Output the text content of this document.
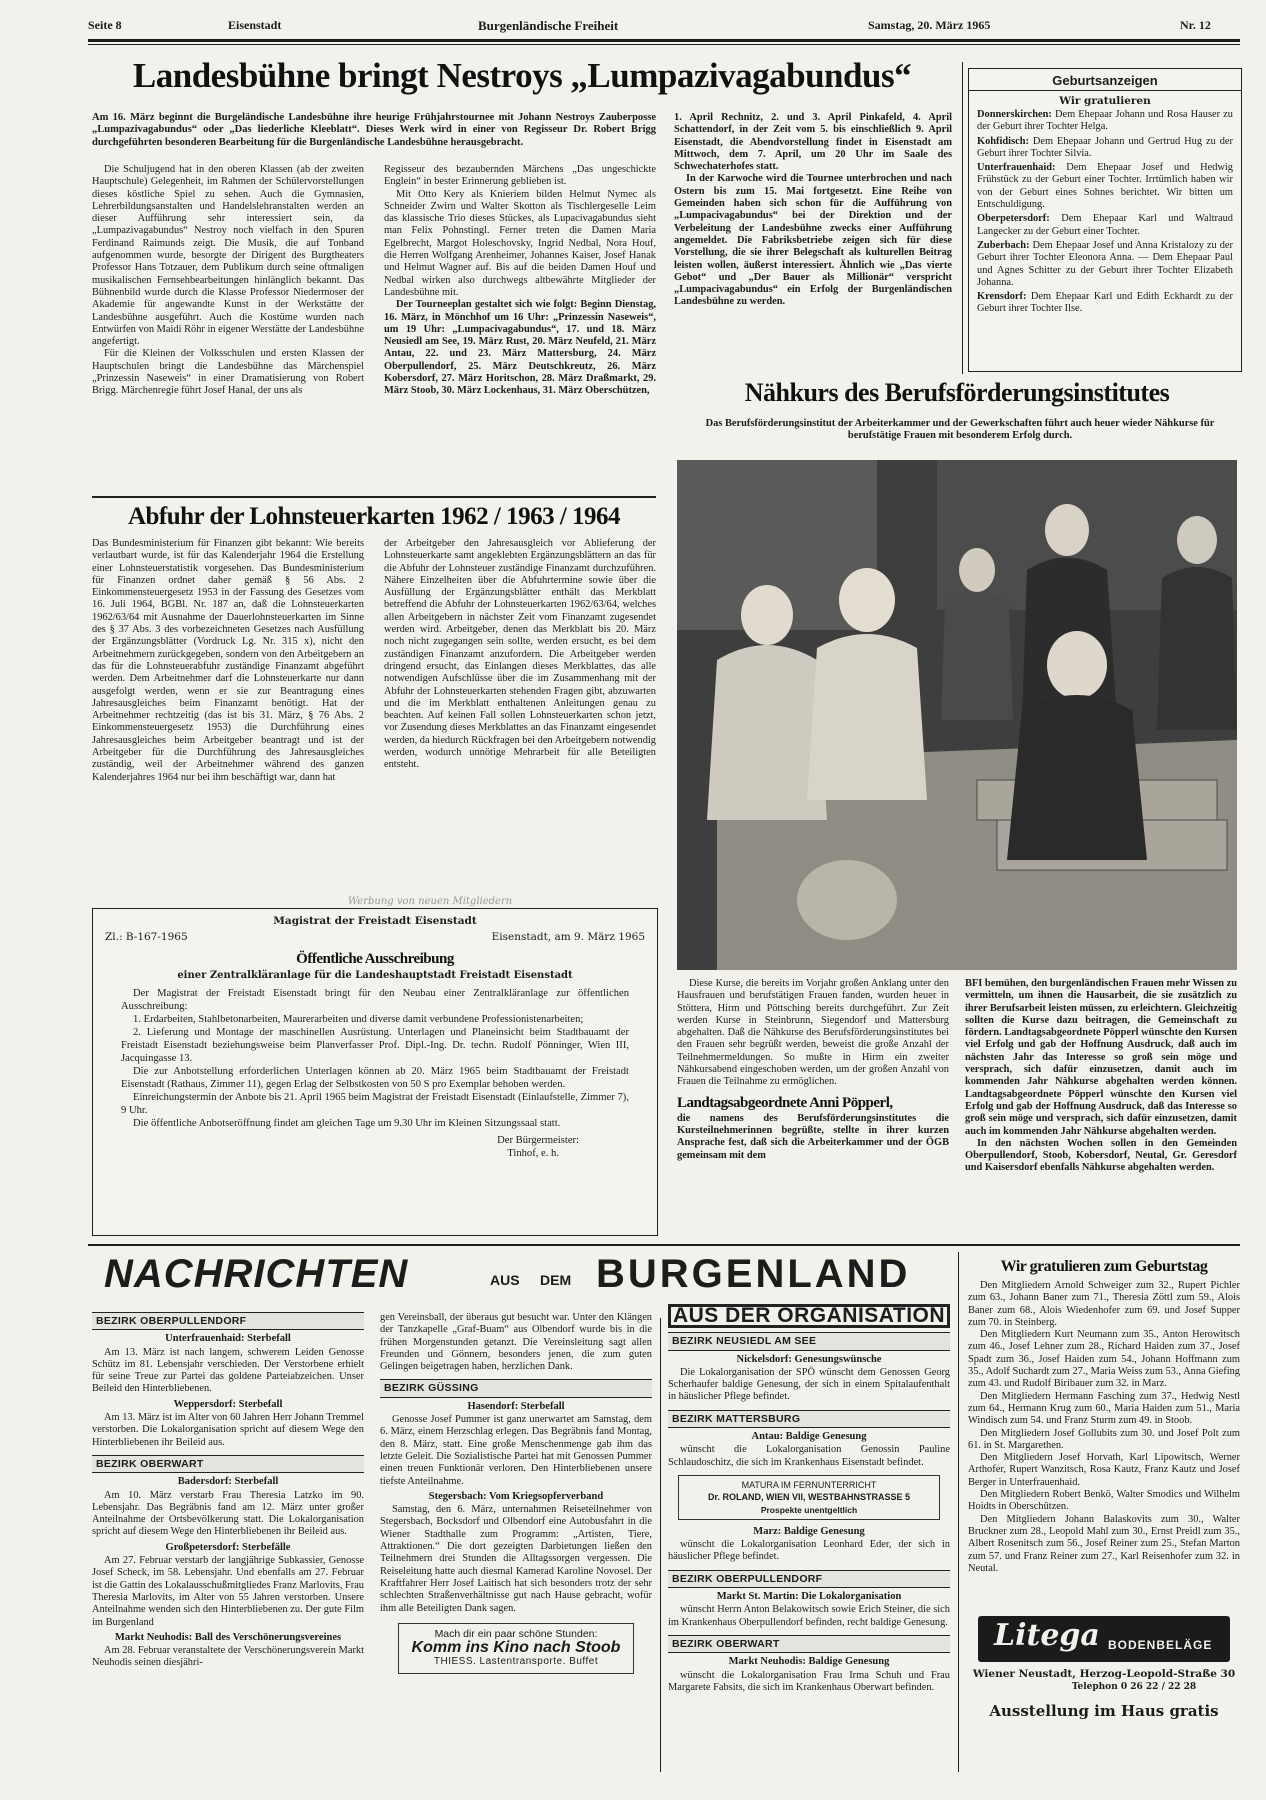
Seite 8	Eisenstadt	Burgenländische Freiheit	Samstag, 20. März 1965	Nr. 12
Landesbühne bringt Nestroys „Lumpazivagabundus“
Am 16. März beginnt die Burgeländische Landesbühne ihre heurige Frühjahrstournee mit Johann Nestroys Zauberposse „Lumpazivagabundus“ oder „Das liederliche Kleeblatt“. Dieses Werk wird in einer von Regisseur Dr. Robert Brigg durchgeführten besonderen Bearbeitung für die Burgenländische Landesbühne herausgebracht.

Die Schuljugend hat in den oberen Klassen (ab der zweiten Hauptschule) Gelegenheit, im Rahmen der Schülervorstellungen dieses köstliche Spiel zu sehen. Auch die Gymnasien, Lehrerbildungsanstalten und Handelslehranstalten werden an dieser Aufführung sehr interessiert sein, da „Lumpazivagabundus“ Nestroy noch vielfach in den Spuren Ferdinand Raimunds zeigt. Die Musik, die auf Tonband aufgenommen wurde, besorgte der Dirigent des Burgtheaters Professor Hans Totzauer, dem Publikum durch seine oftmaligen musikalischen Fernsehbearbeitungen hinlänglich bekannt. Das Bühnenbild wurde durch die Klasse Professor Niedermoser der Akademie für angewandte Kunst in der Werkstätte der Landesbühne ausgeführt. Auch die Kostüme wurden nach Entwürfen von Maidi Röhr in eigener Werstätte der Landesbühne angefertigt.

Für die Kleinen der Volksschulen und ersten Klassen der Hauptschulen bringt die Landesbühne das Märchenspiel „Prinzessin Naseweis“ in einer Dramatisierung von Robert Brigg. Märchenregie führt Josef Hanal, der uns als

Regisseur des bezaubernden Märchens „Das ungeschickte Englein“ in bester Erinnerung geblieben ist.

Mit Otto Kery als Knieriem bilden Helmut Nymec als Schneider Zwirn und Walter Skotton als Tischlergeselle Leim das klassische Trio dieses Stückes, als Lupacivagabundus sieht man Felix Pohnstingl. Ferner treten die Damen Maria Egelbrecht, Margot Holeschovsky, Ingrid Nedbal, Nora Houf, die Herren Wolfgang Arenheimer, Johannes Kaiser, Josef Hanak und Helmut Wagner auf. Bis auf die beiden Damen Houf und Nedbal wirken also durchwegs altbewährte Mitglieder der Landesbühne mit.

Der Tourneeplan gestaltet sich wie folgt: Beginn Dienstag, 16. März, in Mönchhof um 16 Uhr: „Prinzessin Naseweis“, um 19 Uhr: „Lumpacivagabundus“, 17. und 18. März Neusiedl am See, 19. März Rust, 20. März Neufeld, 21. März Antau, 22. und 23. März Mattersburg, 24. März Oberpullendorf, 25. März Deutschkreutz, 26. März Kobersdorf, 27. März Horitschon, 28. März Draßmarkt, 29. März Stoob, 30. März Lockenhaus, 31. März Oberschützen,

1. April Rechnitz, 2. und 3. April Pinkafeld, 4. April Schattendorf, in der Zeit vom 5. bis einschließlich 9. April Eisenstadt, die Abendvorstellung findet in Eisenstadt am Mittwoch, dem 7. April, um 20 Uhr im Saale des Schwechaterhofes statt.

In der Karwoche wird die Tournee unterbrochen und nach Ostern bis zum 15. Mai fortgesetzt. Eine Reihe von Gemeinden haben sich schon für die Aufführung von „Lumpacivagabundus“ bei der Direktion und der Verbeleitung der Landesbühne zwecks einer Aufführung angemeldet. Die Fabriksbetriebe zeigen sich für diese Vorstellung, die sie ihrer Belegschaft als kulturellen Beitrag leisten wollen, äußerst interessiert. Ähnlich wie „Das vierte Gebot“ und „Der Bauer als Millionär“ verspricht „Lumpacivagabundus“ ein Erfolg der Burgenländischen Landesbühne zu werden.

Geburtsanzeigen
Wir gratulieren

Donnerskirchen: Dem Ehepaar Johann und Rosa Hauser zu der Geburt ihrer Tochter Helga.

Kohfidisch: Dem Ehepaar Johann und Gertrud Hug zu der Geburt ihrer Tochter Silvia.

Unterfrauenhaid: Dem Ehepaar Josef und Hedwig Frühstück zu der Geburt einer Tochter. Irrtümlich haben wir von der Geburt eines Sohnes berichtet. Wir bitten um Entschuldigung.

Oberpetersdorf: Dem Ehepaar Karl und Waltraud Langecker zu der Geburt einer Tochter.

Zuberbach: Dem Ehepaar Josef und Anna Kristalozy zu der Geburt ihrer Tochter Eleonora Anna. — Dem Ehepaar Paul und Agnes Schitter zu der Geburt ihrer Tochter Elizabeth Johanna.

Krensdorf: Dem Ehepaar Karl und Edith Eckhardt zu der Geburt ihrer Tochter Ilse.

Nähkurs des Berufsförderungsinstitutes
Das Berufsförderungsinstitut der Arbeiterkammer und der Gewerkschaften führt auch heuer wieder Nähkurse für berufstätige Frauen mit besonderem Erfolg durch.

Diese Kurse, die bereits im Vorjahr großen Anklang unter den Hausfrauen und berufstätigen Frauen fanden, wurden heuer in Stöttera, Hirm und Pöttsching bereits durchgeführt. Zur Zeit werden Kurse in Steinbrunn, Siegendorf und Mattersburg abgehalten. Daß die Nähkurse des Berufsförderungsinstitutes bei den Frauen sehr begrüßt werden, beweist die große Anzahl der Teilnehmermeldungen. So mußte in Hirm ein zweiter Nähkursabend eingeschoben werden, um der großen Anzahl von Frauen die Teilnahme zu ermöglichen.

Landtagsabgeordnete Anni Pöpperl,

die namens des Berufsförderungsinstitutes die Kursteilnehmerinnen begrüßte, stellte in ihrer kurzen Ansprache fest, daß sich die Arbeiterkammer und der ÖGB gemeinsam mit dem

BFI bemühen, den burgenländischen Frauen mehr Wissen zu vermitteln, um ihnen die Hausarbeit, die sie zusätzlich zu ihrer Berufsarbeit leisten müssen, zu erleichtern. Gleichzeitig sollten die Kurse dazu beitragen, die Gemeinschaft zu fördern. Landtagsabgeordnete Pöpperl wünschte den Kursen viel Erfolg und gab der Hoffnung Ausdruck, daß auch im nächsten Jahr das Interesse so groß sein möge und versprach, sich dafür einzusetzen, damit auch im kommenden Jahr Nähkurse abgehalten werden können. Landtagsabgeordnete Pöpperl wünschte den Kursen viel Erfolg und gab der Hoffnung Ausdruck, daß das Interesse so groß sein möge und versprach, sich dafür einzusetzen, damit auch im kommenden Jahr Nähkurse abgehalten werden.

In den nächsten Wochen sollen in den Gemeinden Oberpullendorf, Stoob, Kobersdorf, Neutal, Gr. Geresdorf und Kaisersdorf ebenfalls Nähkurse abgehalten werden.

Abfuhr der Lohnsteuerkarten 1962 / 1963 / 1964

Das Bundesministerium für Finanzen gibt bekannt: Wie bereits verlautbart wurde, ist für das Kalenderjahr 1964 die Erstellung einer Lohnsteuerstatistik vorgesehen. Das Bundesministerium für Finanzen ordnet daher gemäß § 56 Abs. 2 Einkommensteuergesetz 1953 in der Fassung des Gesetzes vom 16. Juli 1964, BGBl. Nr. 187 an, daß die Lohnsteuerkarten 1962/63/64 mit Ausnahme der Dauerlohnsteuerkarten im Sinne des § 37 Abs. 3 des vorbezeichneten Gesetzes nach Ausfüllung der Ergänzungsblätter (Vordruck Lg. Nr. 315 x), nicht den Arbeitnehmern zurückgegeben, sondern von den Arbeitgebern an das für die Lohnsteuerabfuhr zuständige Finanzamt abgeführt werden. Dem Arbeitnehmer darf die Lohnsteuerkarte nur dann ausgefolgt werden, wenn er sie zur Beantragung eines Jahresausgleiches beim Finanzamt benötigt. Hat der Arbeitnehmer rechtzeitig (das ist bis 31. März, § 76 Abs. 2 Einkommensteuergesetz 1953) die Durchführung eines Jahresausgleiches beim Arbeitgeber beantragt und ist der Arbeitgeber für die Durchführung des Jahresausgleiches zuständig, weil der Arbeitnehmer während des ganzen Kalenderjahres 1964 nur bei ihm beschäftigt war, dann hat

der Arbeitgeber den Jahresausgleich vor Ablieferung der Lohnsteuerkarte samt angeklebten Ergänzungsblättern an das für die Abfuhr der Lohnsteuer zuständige Finanzamt durchzuführen. Nähere Einzelheiten über die Abfuhrtermine sowie über die Ausfüllung der Ergänzungsblätter enthält das Merkblatt betreffend die Abfuhr der Lohnsteuerkarten 1962/63/64, welches allen Arbeitgebern in nächster Zeit vom Finanzamt zugesendet werden wird. Arbeitgeber, denen das Merkblatt bis 20. März noch nicht zugegangen sein sollte, werden ersucht, es bei dem zuständigen Finanzamt anzufordern. Die Arbeitgeber werden dringend ersucht, das Einlangen dieses Merkblattes, das alle notwendigen Aufschlüsse über die im Zusammenhang mit der Abfuhr der Lohnsteuerkarten stehenden Fragen gibt, abzuwarten und die im Merkblatt enthaltenen Anleitungen genau zu beachten. Auf keinen Fall sollen Lohnsteuerkarten schon jetzt, vor Zusendung dieses Merkblattes an das Finanzamt eingesendet werden, da hiedurch Rückfragen bei den Arbeitgebern notwendig werden, wodurch unnötige Mehrarbeit für alle Beteiligten entsteht.

Werbung von neuen Mitgliedern
Magistrat der Freistadt Eisenstadt
Zl.: B-167-1965	Eisenstadt, am 9. März 1965
Öffentliche Ausschreibung
einer Zentralkläranlage für die Landeshauptstadt Freistadt Eisenstadt

Der Magistrat der Freistadt Eisenstadt bringt für den Neubau einer Zentralkläranlage zur öffentlichen Ausschreibung:

1. Erdarbeiten, Stahlbetonarbeiten, Maurerarbeiten und diverse damit verbundene Professionistenarbeiten;

2. Lieferung und Montage der maschinellen Ausrüstung. Unterlagen und Planeinsicht beim Stadtbauamt der Freistadt Eisenstadt beziehungsweise beim Planverfasser Prof. Dipl.-Ing. Dr. techn. Rudolf Pönninger, Wien III, Jacquingasse 13.

Die zur Anbotstellung erforderlichen Unterlagen können ab 20. März 1965 beim Stadtbauamt der Freistadt Eisenstadt (Rathaus, Zimmer 11), gegen Erlag der Selbstkosten von 50 S pro Exemplar behoben werden.

Einreichungstermin der Anbote bis 21. April 1965 beim Magistrat der Freistadt Eisenstadt (Einlaufstelle, Zimmer 7), 9 Uhr.

Die öffentliche Anbotseröffnung findet am gleichen Tage um 9.30 Uhr im Kleinen Sitzungssaal statt.

Der Bürgermeister:
Tinhof, e. h.
NACHRICHTEN	AUS DEM BURGENLAND
BEZIRK OBERPULLENDORF
Unterfrauenhaid: Sterbefall

Am 13. März ist nach langem, schwerem Leiden Genosse Schütz im 81. Lebensjahr verschieden. Der Verstorbene erhielt für seine Treue zur Partei das goldene Parteiabzeichen. Unser Beileid den Hinterbliebenen.

Weppersdorf: Sterbefall

Am 13. März ist im Alter von 60 Jahren Herr Johann Tremmel verstorben. Die Lokalorganisation spricht auf diesem Wege den Hinterbliebenen ihr Beileid aus.

BEZIRK OBERWART
Badersdorf: Sterbefall

Am 10. März verstarb Frau Theresia Latzko im 90. Lebensjahr. Das Begräbnis fand am 12. März unter großer Anteilnahme der Ortsbevölkerung statt. Die Lokalorganisation spricht auf diesem Wege den Hinterbliebenen ihr Beileid aus.

Großpetersdorf: Sterbefälle

Am 27. Februar verstarb der langjährige Subkassier, Genosse Josef Scheck, im 58. Lebensjahr. Und ebenfalls am 27. Februar ist die Gattin des Lokalausschußmitgliedes Franz Marlovits, Frau Theresia Marlovits, im Alter von 55 Jahren verstorben. Unsere Anteilnahme wenden sich den Hinterbliebenen zu. Der gute Film im Burgenland

Markt Neuhodis: Ball des Verschönerungsvereines

Am 28. Februar veranstaltete der Verschönerungsverein Markt Neuhodis seinen diesjähri-

gen Vereinsball, der überaus gut besucht war. Unter den Klängen der Tanzkapelle „Graf-Buam“ aus Olbendorf wurde bis in die frühen Morgenstunden getanzt. Die Vereinsleitung sagt allen Freunden und Gönnern, besonders jenen, die zum guten Gelingen beigetragen haben, herzlichen Dank.

BEZIRK GÜSSING
Hasendorf: Sterbefall

Genosse Josef Pummer ist ganz unerwartet am Samstag, dem 6. März, einem Herzschlag erlegen. Das Begräbnis fand Montag, den 8. März, statt. Eine große Menschenmenge gab ihm das letzte Geleit. Die Sozialistische Partei hat mit Genossen Pummer einen treuen Funktionär verloren. Den Hinterbliebenen unsere tiefste Anteilnahme.

Stegersbach: Vom Kriegsopferverband

Samstag, den 6. März, unternahmen Reiseteilnehmer von Stegersbach, Bocksdorf und Olbendorf eine Autobusfahrt in die Wiener Stadthalle zum Programm: „Artisten, Tiere, Attraktionen.“ Die dort gezeigten Darbietungen ließen den Teilnehmern drei Stunden die Alltagssorgen vergessen. Die Reiseleitung hatte auch diesmal Kamerad Karoline Novosel. Der Kraftfahrer Herr Josef Laitisch hat sich besonders trotz der sehr schlechten Straßenverhältnisse gut nach Hause gebracht, wofür ihm alle Beteiligten Dank sagen.

Mach dir ein paar schöne Stunden:
Komm ins Kino nach Stoob
THIESS. Lastentransporte. Buffet
AUS DER ORGANISATION
BEZIRK NEUSIEDL AM SEE
Nickelsdorf: Genesungswünsche

Die Lokalorganisation der SPÖ wünscht dem Genossen Georg Scherhaufer baldige Genesung, der sich in einem Spitalaufenthalt in häuslicher Pflege befindet.

BEZIRK MATTERSBURG
Antau: Baldige Genesung

wünscht die Lokalorganisation Genossin Pauline Schlaudoschitz, die sich im Krankenhaus Eisenstadt befindet.

MATURA IM FERNUNTERRICHT
Dr. ROLAND, WIEN VII, WESTBAHNSTRASSE 5
Prospekte unentgeltlich
Marz: Baldige Genesung

wünscht die Lokalorganisation Leonhard Eder, der sich in häuslicher Pflege befindet.

BEZIRK OBERPULLENDORF
Markt St. Martin: Die Lokalorganisation

wünscht Herrn Anton Belakowitsch sowie Erich Steiner, die sich im Krankenhaus Oberpullendorf befinden, recht baldige Genesung.

BEZIRK OBERWART
Markt Neuhodis: Baldige Genesung

wünscht die Lokalorganisation Frau Irma Schuh und Frau Margarete Fabsits, die sich im Krankenhaus Oberwart befinden.

Wir gratulieren zum Geburtstag

Den Mitgliedern Arnold Schweiger zum 32., Rupert Pichler zum 63., Johann Baner zum 71., Theresia Zöttl zum 59., Alois Baner zum 68., Alois Wiedenhofer zum 69. und Josef Supper zum 70. in Steinberg.

Den Mitgliedern Kurt Neumann zum 35., Anton Herowitsch zum 46., Josef Lehner zum 28., Richard Haiden zum 37., Josef Spadt zum 36., Josef Haiden zum 54., Johann Hoffmann zum 35., Adolf Suchardt zum 27., Maria Weiss zum 53., Anna Giefing zum 43. und Rudolf Biribauer zum 32. in Marz.

Den Mitgliedern Hermann Fasching zum 37., Hedwig Nestl zum 64., Hermann Krug zum 60., Maria Haiden zum 51., Maria Windisch zum 54. und Franz Sturm zum 49. in Stoob.

Den Mitgliedern Josef Gollubits zum 30. und Josef Polt zum 61. in St. Margarethen.

Den Mitgliedern Josef Horvath, Karl Lipowitsch, Werner Arthofer, Rupert Wanzitsch, Rosa Kautz, Franz Kautz und Josef Berger in Unterfrauenhaid.

Den Mitgliedern Robert Benkö, Walter Smodics und Wilhelm Hoidts in Oberschützen.

Den Mitgliedern Johann Balaskovits zum 30., Walter Bruckner zum 28., Leopold Mahl zum 30., Ernst Preidl zum 35., Albert Rosenitsch zum 56., Josef Reiner zum 25., Stefan Marton zum 57. und Franz Reiner zum 27., Karl Reisenhofer zum 32. in Neutal.

Litega BODENBELÄGE
Wiener Neustadt, Herzog-Leopold-Straße 30
Telephon 0 26 22 / 22 28
Ausstellung im Haus gratis
